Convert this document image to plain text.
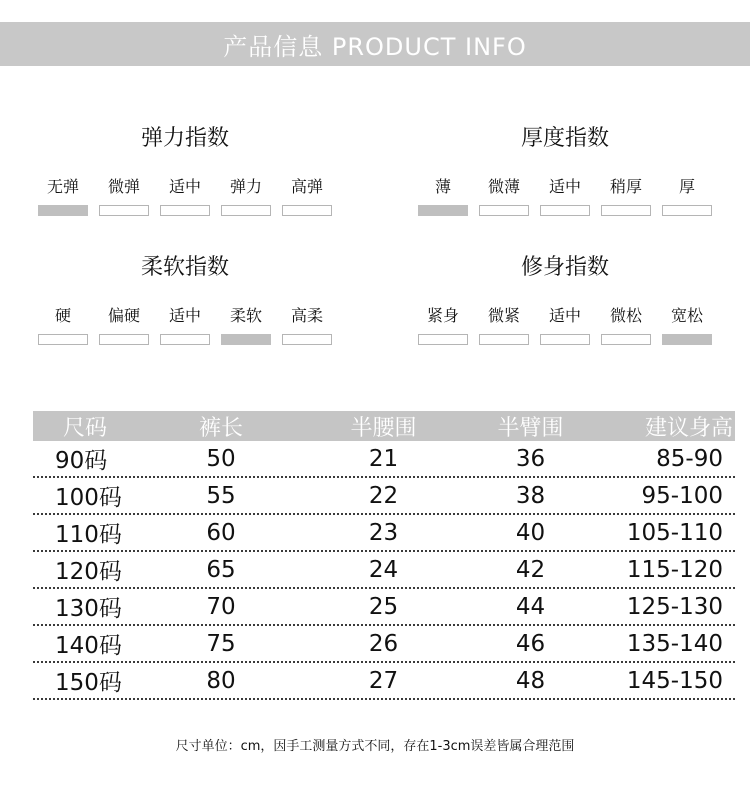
产品信息 PRODUCT INFO
弹力指数
无弹	微弹	适中	弹力	高弹
厚度指数
薄	微薄	适中	稍厚	厚
柔软指数
硬	偏硬	适中	柔软	高柔
修身指数
紧身	微紧	适中	微松	宽松
尺码	裤长	半腰围	半臂围	建议身高
90码	50	21	36	85-90
100码	55	22	38	95-100
110码	60	23	40	105-110
120码	65	24	42	115-120
130码	70	25	44	125-130
140码	75	26	46	135-140
150码	80	27	48	145-150
尺寸单位：cm，因手工测量方式不同，存在1-3cm误差皆属合理范围
